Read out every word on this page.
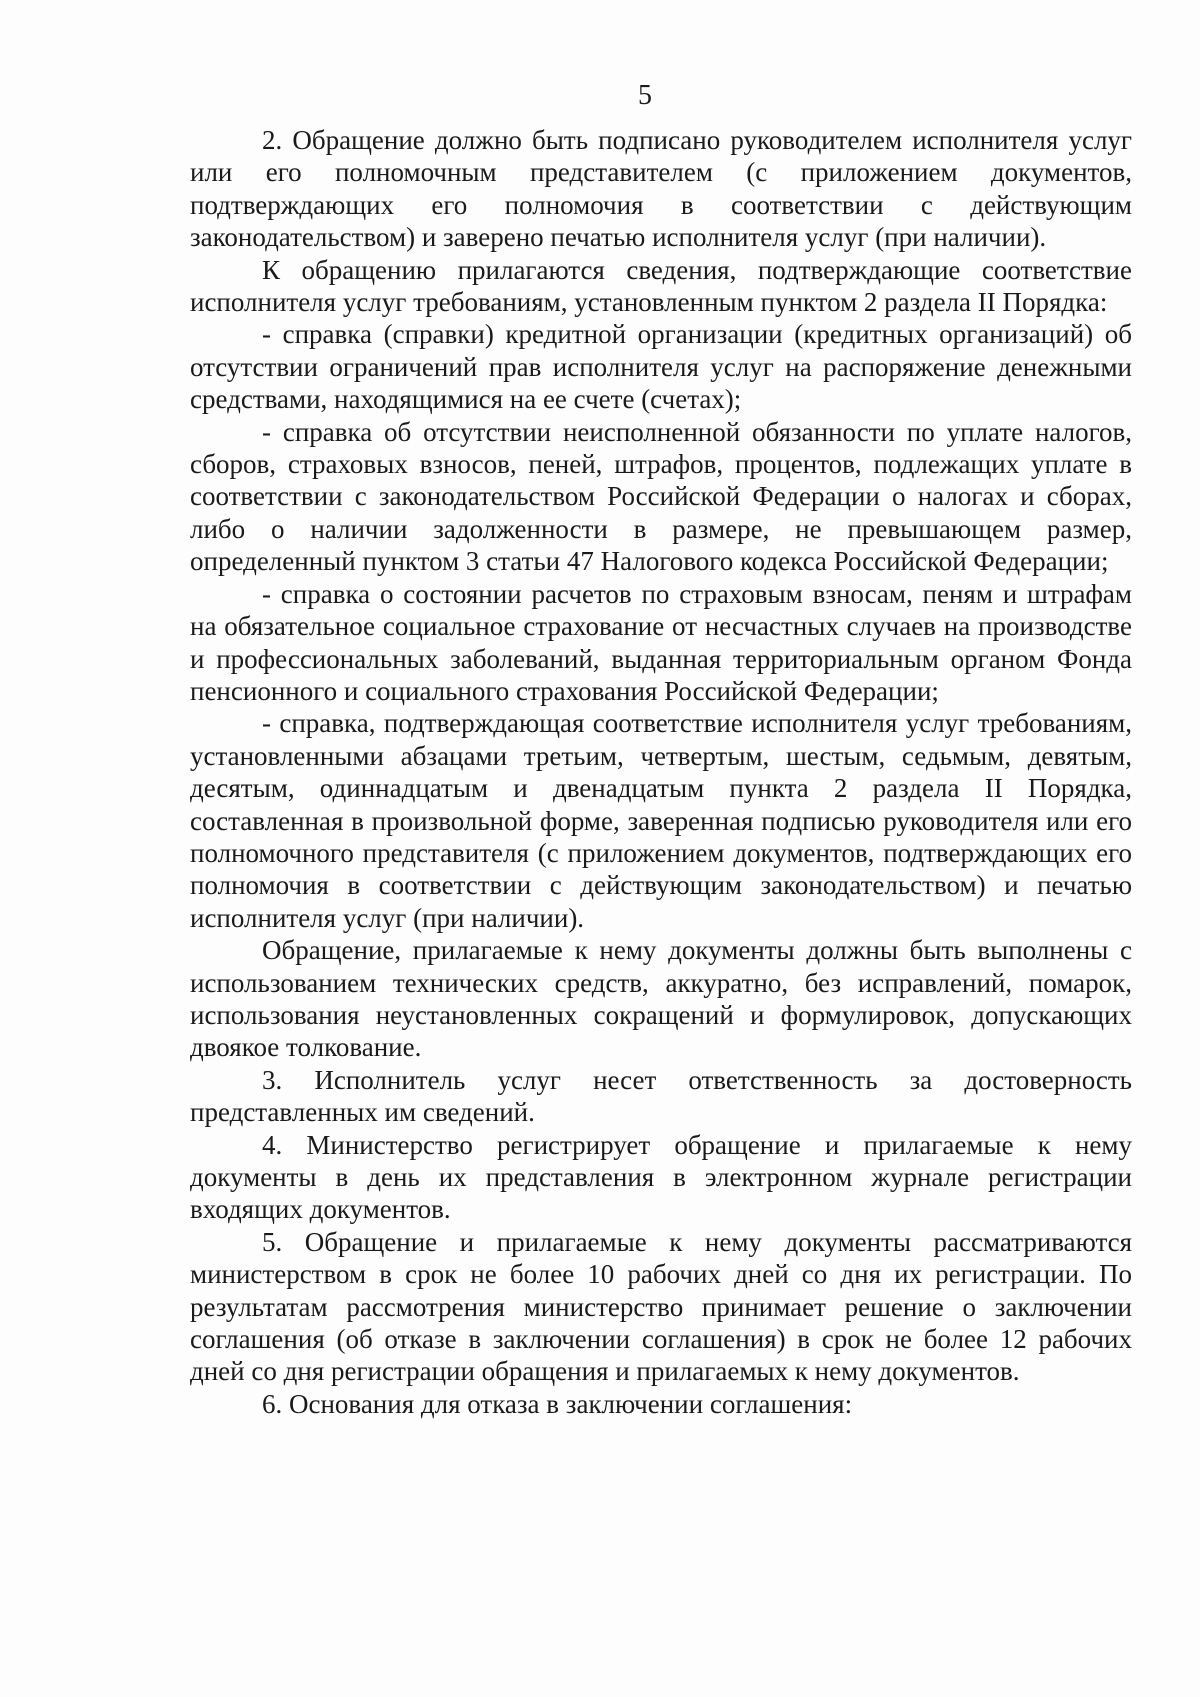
5

2. Обращение должно быть подписано руководителем исполнителя услуг или его полномочным представителем (с приложением документов, подтверждающих его полномочия в соответствии с действующим законодательством) и заверено печатью исполнителя услуг (при наличии).

К обращению прилагаются сведения, подтверждающие соответствие исполнителя услуг требованиям, установленным пунктом 2 раздела II Порядка:

- справка (справки) кредитной организации (кредитных организаций) об отсутствии ограничений прав исполнителя услуг на распоряжение денежными средствами, находящимися на ее счете (счетах);

- справка об отсутствии неисполненной обязанности по уплате налогов, сборов, страховых взносов, пеней, штрафов, процентов, подлежащих уплате в соответствии с законодательством Российской Федерации о налогах и сборах, либо о наличии задолженности в размере, не превышающем размер, определенный пунктом 3 статьи 47 Налогового кодекса Российской Федерации;

- справка о состоянии расчетов по страховым взносам, пеням и штрафам на обязательное социальное страхование от несчастных случаев на производстве и профессиональных заболеваний, выданная территориальным органом Фонда пенсионного и социального страхования Российской Федерации;

- справка, подтверждающая соответствие исполнителя услуг требованиям, установленными абзацами третьим, четвертым, шестым, седьмым, девятым, десятым, одиннадцатым и двенадцатым пункта 2 раздела II Порядка, составленная в произвольной форме, заверенная подписью руководителя или его полномочного представителя (с приложением документов, подтверждающих его полномочия в соответствии с действующим законодательством) и печатью исполнителя услуг (при наличии).

Обращение, прилагаемые к нему документы должны быть выполнены с использованием технических средств, аккуратно, без исправлений, помарок, использования неустановленных сокращений и формулировок, допускающих двоякое толкование.

3. Исполнитель услуг несет ответственность за достоверность представленных им сведений.

4. Министерство регистрирует обращение и прилагаемые к нему документы в день их представления в электронном журнале регистрации входящих документов.

5. Обращение и прилагаемые к нему документы рассматриваются министерством в срок не более 10 рабочих дней со дня их регистрации. По результатам рассмотрения министерство принимает решение о заключении соглашения (об отказе в заключении соглашения) в срок не более 12 рабочих дней со дня регистрации обращения и прилагаемых к нему документов.

6. Основания для отказа в заключении соглашения:
